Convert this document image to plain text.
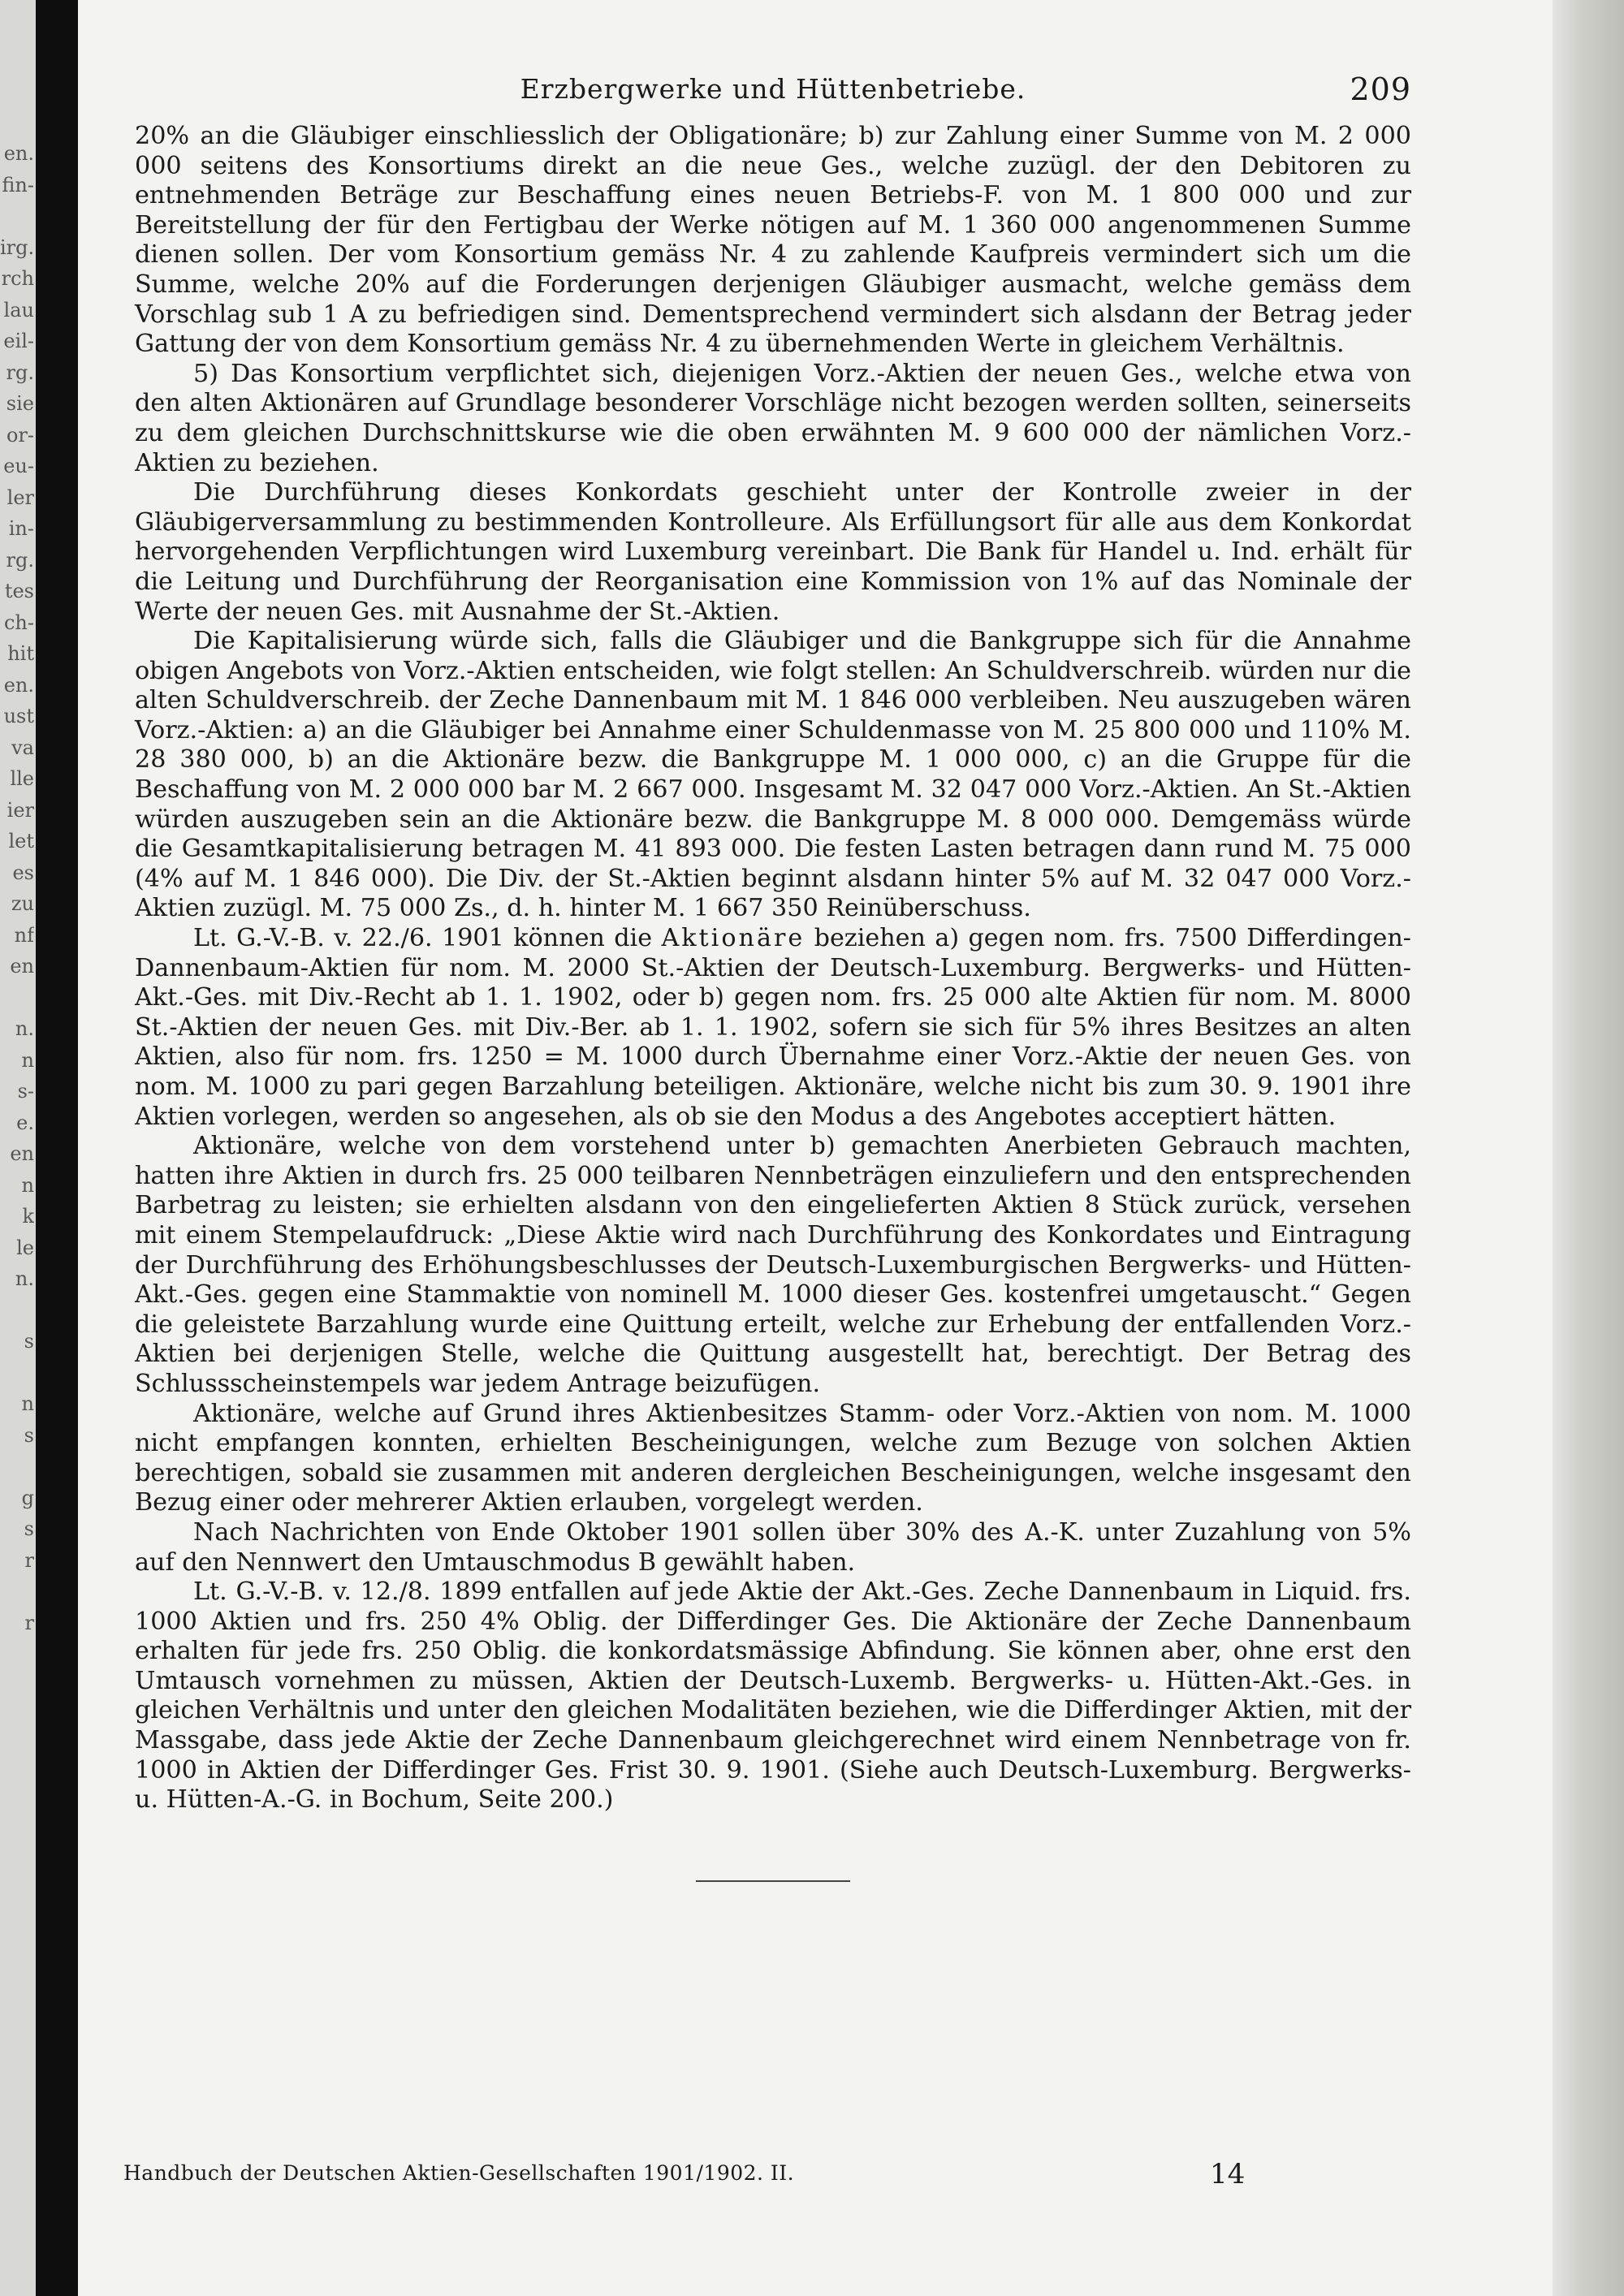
en.
fin-
irg.
rch
lau
eil-
rg.
sie
or-
eu-
ler
in-
rg.
tes
ch-
hit
en.
ust
va
lle
ier
let
es
zu
nf
en
n.
n
s-
e.
en
n
k
le
n.
s
n
s
g
s
r
r
Erzbergwerke und Hüttenbetriebe.	209

20% an die Gläubiger einschliesslich der Obligationäre; b) zur Zahlung einer Summe von M. 2 000 000 seitens des Konsortiums direkt an die neue Ges., welche zuzügl. der den Debitoren zu entnehmenden Beträge zur Beschaffung eines neuen Betriebs-F. von M. 1 800 000 und zur Bereitstellung der für den Fertigbau der Werke nötigen auf M. 1 360 000 angenommenen Summe dienen sollen. Der vom Konsortium gemäss Nr. 4 zu zahlende Kaufpreis vermindert sich um die Summe, welche 20% auf die Forderungen derjenigen Gläubiger ausmacht, welche gemäss dem Vorschlag sub 1 A zu befriedigen sind. Dementsprechend vermindert sich alsdann der Betrag jeder Gattung der von dem Konsortium gemäss Nr. 4 zu übernehmenden Werte in gleichem Verhältnis.

5) Das Konsortium verpflichtet sich, diejenigen Vorz.-Aktien der neuen Ges., welche etwa von den alten Aktionären auf Grundlage besonderer Vorschläge nicht bezogen werden sollten, seinerseits zu dem gleichen Durchschnittskurse wie die oben erwähnten M. 9 600 000 der nämlichen Vorz.-Aktien zu beziehen.

Die Durchführung dieses Konkordats geschieht unter der Kontrolle zweier in der Gläubigerversammlung zu bestimmenden Kontrolleure. Als Erfüllungsort für alle aus dem Konkordat hervorgehenden Verpflichtungen wird Luxemburg vereinbart. Die Bank für Handel u. Ind. erhält für die Leitung und Durchführung der Reorganisation eine Kommission von 1% auf das Nominale der Werte der neuen Ges. mit Ausnahme der St.-Aktien.

Die Kapitalisierung würde sich, falls die Gläubiger und die Bankgruppe sich für die Annahme obigen Angebots von Vorz.-Aktien entscheiden, wie folgt stellen: An Schuldverschreib. würden nur die alten Schuldverschreib. der Zeche Dannenbaum mit M. 1 846 000 verbleiben. Neu auszugeben wären Vorz.-Aktien: a) an die Gläubiger bei Annahme einer Schuldenmasse von M. 25 800 000 und 110% M. 28 380 000, b) an die Aktionäre bezw. die Bankgruppe M. 1 000 000, c) an die Gruppe für die Beschaffung von M. 2 000 000 bar M. 2 667 000. Insgesamt M. 32 047 000 Vorz.-Aktien. An St.-Aktien würden auszugeben sein an die Aktionäre bezw. die Bankgruppe M. 8 000 000. Demgemäss würde die Gesamtkapitalisierung betragen M. 41 893 000. Die festen Lasten betragen dann rund M. 75 000 (4% auf M. 1 846 000). Die Div. der St.-Aktien beginnt alsdann hinter 5% auf M. 32 047 000 Vorz.-Aktien zuzügl. M. 75 000 Zs., d. h. hinter M. 1 667 350 Reinüberschuss.

Lt. G.-V.-B. v. 22./6. 1901 können die Aktionäre beziehen a) gegen nom. frs. 7500 Differdingen-Dannenbaum-Aktien für nom. M. 2000 St.-Aktien der Deutsch-Luxemburg. Bergwerks- und Hütten-Akt.-Ges. mit Div.-Recht ab 1. 1. 1902, oder b) gegen nom. frs. 25 000 alte Aktien für nom. M. 8000 St.-Aktien der neuen Ges. mit Div.-Ber. ab 1. 1. 1902, sofern sie sich für 5% ihres Besitzes an alten Aktien, also für nom. frs. 1250 = M. 1000 durch Übernahme einer Vorz.-Aktie der neuen Ges. von nom. M. 1000 zu pari gegen Barzahlung beteiligen. Aktionäre, welche nicht bis zum 30. 9. 1901 ihre Aktien vorlegen, werden so angesehen, als ob sie den Modus a des Angebotes acceptiert hätten.

Aktionäre, welche von dem vorstehend unter b) gemachten Anerbieten Gebrauch machten, hatten ihre Aktien in durch frs. 25 000 teilbaren Nennbeträgen einzuliefern und den entsprechenden Barbetrag zu leisten; sie erhielten alsdann von den eingelieferten Aktien 8 Stück zurück, versehen mit einem Stempelaufdruck: „Diese Aktie wird nach Durchführung des Konkordates und Eintragung der Durchführung des Erhöhungsbeschlusses der Deutsch-Luxemburgischen Bergwerks- und Hütten-Akt.-Ges. gegen eine Stammaktie von nominell M. 1000 dieser Ges. kostenfrei umgetauscht.“ Gegen die geleistete Barzahlung wurde eine Quittung erteilt, welche zur Erhebung der entfallenden Vorz.-Aktien bei derjenigen Stelle, welche die Quittung ausgestellt hat, berechtigt. Der Betrag des Schlussscheinstempels war jedem Antrage beizufügen.

Aktionäre, welche auf Grund ihres Aktienbesitzes Stamm- oder Vorz.-Aktien von nom. M. 1000 nicht empfangen konnten, erhielten Bescheinigungen, welche zum Bezuge von solchen Aktien berechtigen, sobald sie zusammen mit anderen dergleichen Bescheinigungen, welche insgesamt den Bezug einer oder mehrerer Aktien erlauben, vorgelegt werden.

Nach Nachrichten von Ende Oktober 1901 sollen über 30% des A.-K. unter Zuzahlung von 5% auf den Nennwert den Umtauschmodus B gewählt haben.

Lt. G.-V.-B. v. 12./8. 1899 entfallen auf jede Aktie der Akt.-Ges. Zeche Dannenbaum in Liquid. frs. 1000 Aktien und frs. 250 4% Oblig. der Differdinger Ges. Die Aktionäre der Zeche Dannenbaum erhalten für jede frs. 250 Oblig. die konkordatsmässige Abfindung. Sie können aber, ohne erst den Umtausch vornehmen zu müssen, Aktien der Deutsch-Luxemb. Bergwerks- u. Hütten-Akt.-Ges. in gleichen Verhältnis und unter den gleichen Modalitäten beziehen, wie die Differdinger Aktien, mit der Massgabe, dass jede Aktie der Zeche Dannenbaum gleichgerechnet wird einem Nennbetrage von fr. 1000 in Aktien der Differdinger Ges. Frist 30. 9. 1901. (Siehe auch Deutsch-Luxemburg. Bergwerks- u. Hütten-A.-G. in Bochum, Seite 200.)

Handbuch der Deutschen Aktien-Gesellschaften 1901/1902. II.	14
